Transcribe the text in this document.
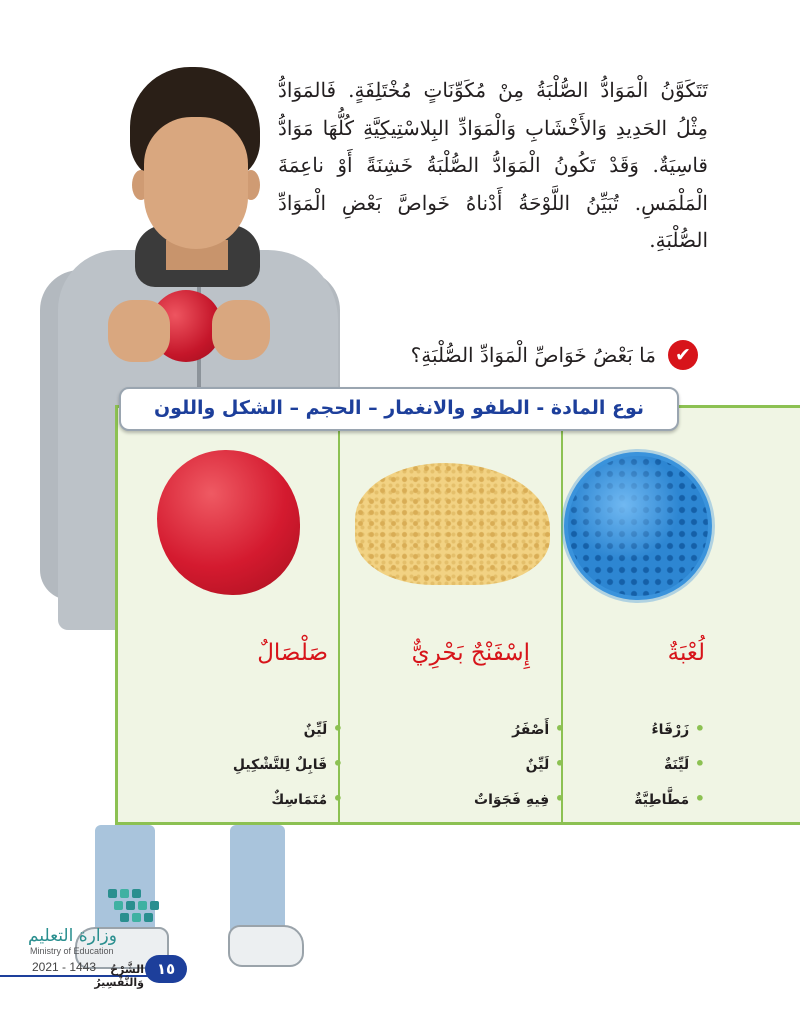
تَتَكَوَّنُ الْمَوَادُّ الصُّلْبَةُ مِنْ مُكَوِّنَاتٍ مُخْتَلِفَةٍ. فَالمَوَادُّ مِثْلُ الحَدِيدِ وَالأَخْشَابِ وَالْمَوَادِّ البِلاسْتِيكِيَّةِ كُلُّهَا مَوَادُّ قاسِيَةٌ. وَقَدْ تَكُونُ الْمَوَادُّ الصُّلْبَةُ خَشِنَةً أَوْ ناعِمَةَ الْمَلْمَسِ. تُبَيِّنُ اللَّوْحَةُ أَدْناهُ خَواصَّ بَعْضِ الْمَوَادِّ الصُّلْبَةِ.
✔
مَا بَعْضُ خَوَاصِّ الْمَوَادِّ الصُّلْبَةِ؟
نوع المادة - الطفو والانغمار – الحجم – الشكل واللون
لُعْبَةٌ
• زَرْقَاءُ
• لَيِّنَةٌ
• مَطَّاطِيَّةٌ
إِسْفَنْجٌ بَحْرِيٌّ
• أَصْفَرُ
• لَيِّنٌ
• فِيهِ فَجَوَاتٌ
صَلْصَالٌ
• لَيِّنٌ
• قَابِلٌ لِلتَّشْكِيلِ
• مُتَمَاسِكٌ
وزارة التعليم
Ministry of Education
2021 - 1443	الشَّرْحُ وَالتَّفْسِيرُ
١٥
